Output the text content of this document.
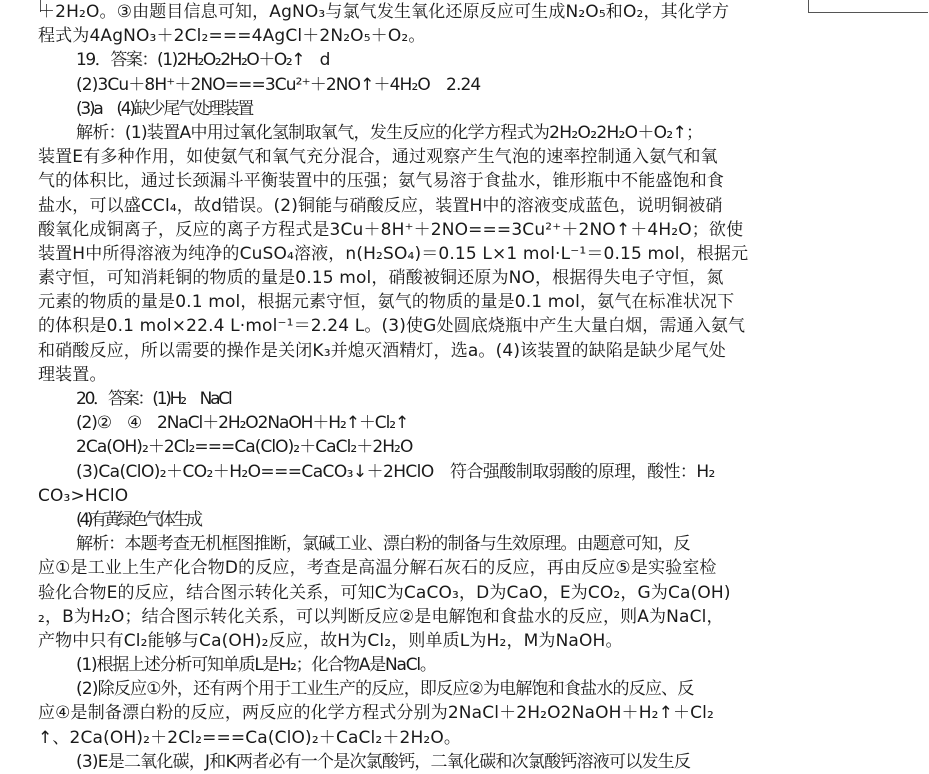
＋2H₂O。③由题目信息可知，AgNO₃与氯气发生氧化还原反应可生成N₂O₅和O₂，其化学方
程式为4AgNO₃＋2Cl₂===4AgCl＋2N₂O₅＋O₂。
19．答案：(1)2H₂O₂2H₂O＋O₂↑　d
(2)3Cu＋8H⁺＋2NO===3Cu²⁺＋2NO↑＋4H₂O　2.24
(3)a　(4)缺少尾气处理装置
解析：(1)装置A中用过氧化氢制取氧气，发生反应的化学方程式为2H₂O₂2H₂O＋O₂↑；
装置E有多种作用，如使氨气和氧气充分混合，通过观察产生气泡的速率控制通入氨气和氧
气的体积比，通过长颈漏斗平衡装置中的压强；氨气易溶于食盐水，锥形瓶中不能盛饱和食
盐水，可以盛CCl₄，故d错误。(2)铜能与硝酸反应，装置H中的溶液变成蓝色，说明铜被硝
酸氧化成铜离子，反应的离子方程式是3Cu＋8H⁺＋2NO===3Cu²⁺＋2NO↑＋4H₂O；欲使
装置H中所得溶液为纯净的CuSO₄溶液，n(H₂SO₄)＝0.15 L×1 mol·L⁻¹＝0.15 mol，根据元
素守恒，可知消耗铜的物质的量是0.15 mol，硝酸被铜还原为NO，根据得失电子守恒，氮
元素的物质的量是0.1 mol，根据元素守恒，氨气的物质的量是0.1 mol，氨气在标准状况下
的体积是0.1 mol×22.4 L·mol⁻¹＝2.24 L。(3)使G处圆底烧瓶中产生大量白烟，需通入氨气
和硝酸反应，所以需要的操作是关闭K₃并熄灭酒精灯，选a。(4)该装置的缺陷是缺少尾气处
理装置。
20．答案：(1)H₂　NaCl
(2)②　④　2NaCl＋2H₂O2NaOH＋H₂↑＋Cl₂↑
2Ca(OH)₂＋2Cl₂===Ca(ClO)₂＋CaCl₂＋2H₂O
(3)Ca(ClO)₂＋CO₂＋H₂O===CaCO₃↓＋2HClO　符合强酸制取弱酸的原理，酸性：H₂
CO₃>HClO
(4)有黄绿色气体生成
解析：本题考查无机框图推断，氯碱工业、漂白粉的制备与生效原理。由题意可知，反
应①是工业上生产化合物D的反应，考查是高温分解石灰石的反应，再由反应⑤是实验室检
验化合物E的反应，结合图示转化关系，可知C为CaCO₃，D为CaO，E为CO₂，G为Ca(OH)
₂，B为H₂O；结合图示转化关系，可以判断反应②是电解饱和食盐水的反应，则A为NaCl，
产物中只有Cl₂能够与Ca(OH)₂反应，故H为Cl₂，则单质L为H₂，M为NaOH。
(1)根据上述分析可知单质L是H₂；化合物A是NaCl。
(2)除反应①外，还有两个用于工业生产的反应，即反应②为电解饱和食盐水的反应、反
应④是制备漂白粉的反应，两反应的化学方程式分别为2NaCl＋2H₂O2NaOH＋H₂↑＋Cl₂
↑、2Ca(OH)₂＋2Cl₂===Ca(ClO)₂＋CaCl₂＋2H₂O。
(3)E是二氧化碳，J和K两者必有一个是次氯酸钙，二氧化碳和次氯酸钙溶液可以发生反
